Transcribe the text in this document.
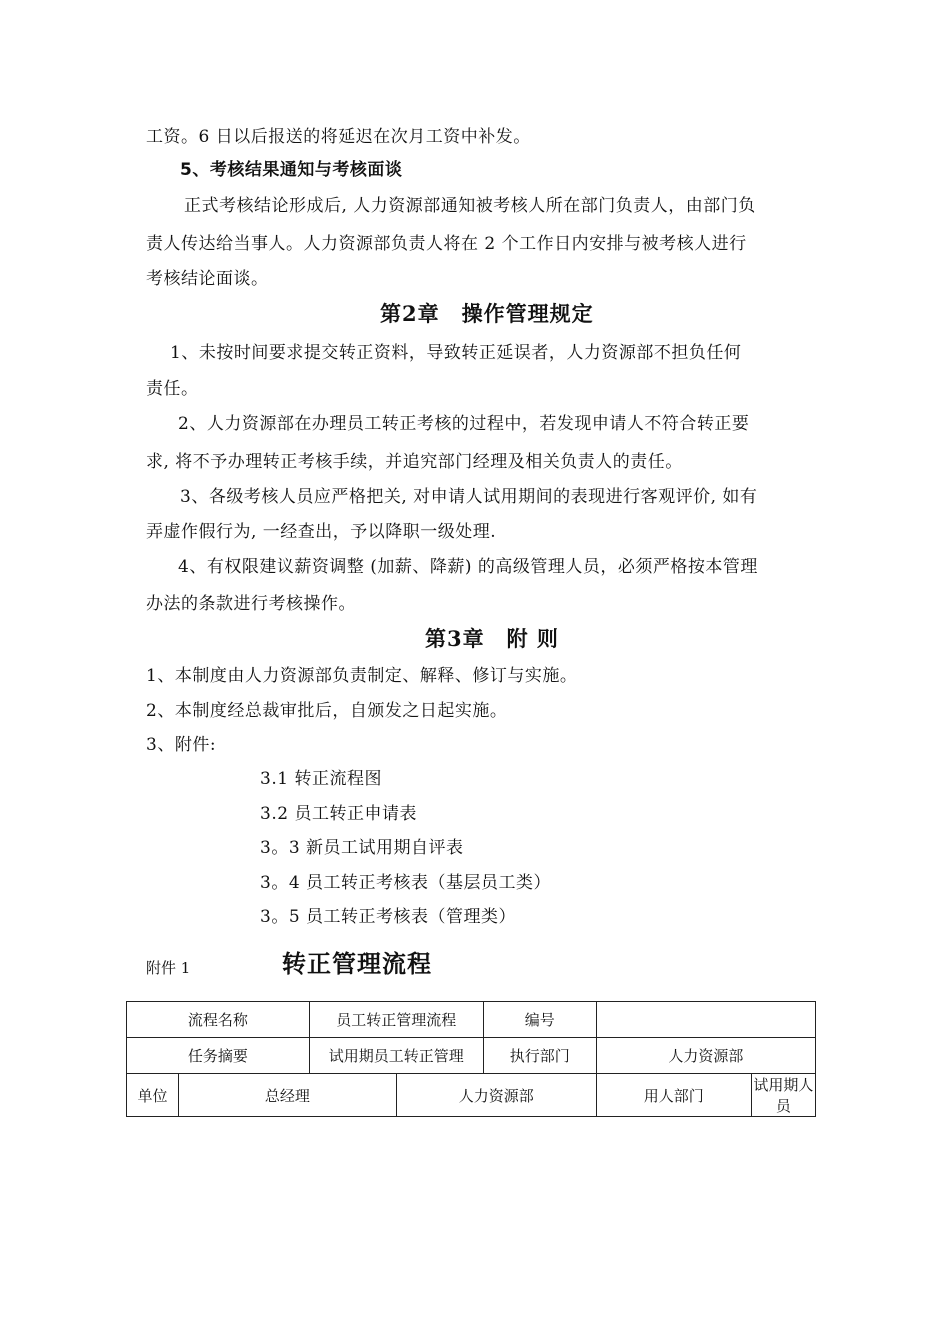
工资。6 日以后报送的将延迟在次月工资中补发。
5、考核结果通知与考核面谈
正式考核结论形成后, 人力资源部通知被考核人所在部门负责人，由部门负
责人传达给当事人。人力资源部负责人将在 2 个工作日内安排与被考核人进行
考核结论面谈。
第2章　操作管理规定
1、未按时间要求提交转正资料，导致转正延误者，人力资源部不担负任何
责任。
2、人力资源部在办理员工转正考核的过程中，若发现申请人不符合转正要
求, 将不予办理转正考核手续，并追究部门经理及相关负责人的责任。
3、各级考核人员应严格把关, 对申请人试用期间的表现进行客观评价, 如有
弄虚作假行为, 一经查出，予以降职一级处理.
4、有权限建议薪资调整 (加薪、降薪) 的高级管理人员，必须严格按本管理
办法的条款进行考核操作。
第3章　附 则
1、本制度由人力资源部负责制定、解释、修订与实施。
2、本制度经总裁审批后，自颁发之日起实施。
3、附件:
3.1 转正流程图
3.2 员工转正申请表
3。3 新员工试用期自评表
3。4 员工转正考核表（基层员工类）
3。5 员工转正考核表（管理类）
附件 1	转正管理流程
流程名称		员工转正管理流程		编号		
任务摘要		试用期员工转正管理		执行部门	人力资源部	
单位	总经理		人力资源部		用人部门	试用期人员
